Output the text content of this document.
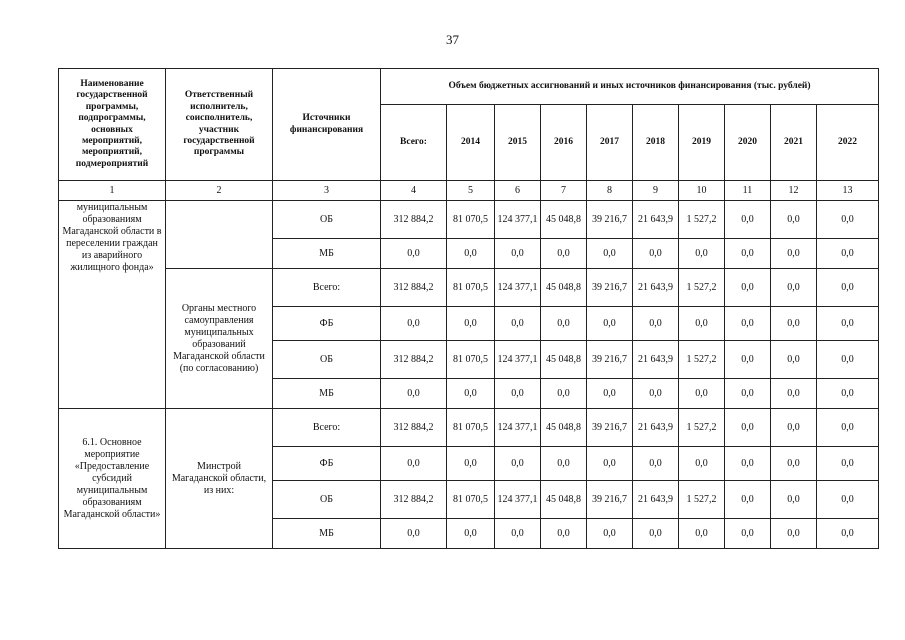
37
Наименование государственной программы, подпрограммы, основных мероприятий, мероприятий, подмероприятий	Ответственный исполнитель, соисполнитель, участник государственной программы	Источники финансирования	Объем бюджетных ассигнований и иных источников финансирования (тыс. рублей)									
			Всего:	2014	2015	2016	2017	2018	2019	2020	2021	2022
1	2	3	4	5	6	7	8	9	10	11	12	13
муниципальным образованиям Магаданской области в переселении граждан из аварийного жилищного фонда»		ОБ	312 884,2	81 070,5	124 377,1	45 048,8	39 216,7	21 643,9	1 527,2	0,0	0,0	0,0
		МБ	0,0	0,0	0,0	0,0	0,0	0,0	0,0	0,0	0,0	0,0
	Органы местного самоуправления муниципальных образований Магаданской области (по согласованию)	Всего:	312 884,2	81 070,5	124 377,1	45 048,8	39 216,7	21 643,9	1 527,2	0,0	0,0	0,0
		ФБ	0,0	0,0	0,0	0,0	0,0	0,0	0,0	0,0	0,0	0,0
		ОБ	312 884,2	81 070,5	124 377,1	45 048,8	39 216,7	21 643,9	1 527,2	0,0	0,0	0,0
		МБ	0,0	0,0	0,0	0,0	0,0	0,0	0,0	0,0	0,0	0,0
6.1. Основное мероприятие «Предоставление субсидий муниципальным образованиям Магаданской области»	Минстрой Магаданской области, из них:	Всего:	312 884,2	81 070,5	124 377,1	45 048,8	39 216,7	21 643,9	1 527,2	0,0	0,0	0,0
		ФБ	0,0	0,0	0,0	0,0	0,0	0,0	0,0	0,0	0,0	0,0
		ОБ	312 884,2	81 070,5	124 377,1	45 048,8	39 216,7	21 643,9	1 527,2	0,0	0,0	0,0
		МБ	0,0	0,0	0,0	0,0	0,0	0,0	0,0	0,0	0,0	0,0
